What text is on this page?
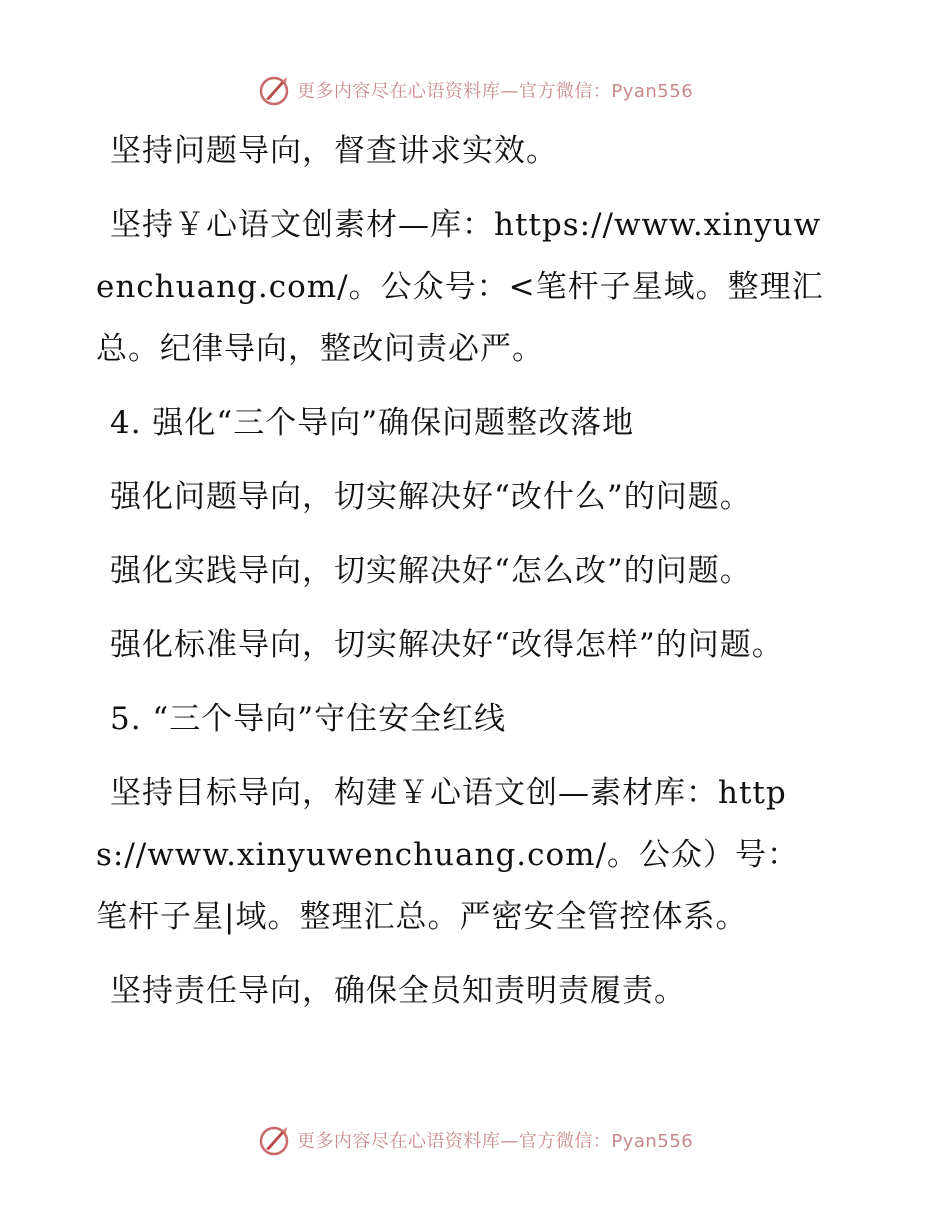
更多内容尽在心语资料库—官方微信：Pyan556

坚持问题导向，督查讲求实效。

坚持￥心语文创素材—库：https://www.xinyuwenchuang.com/。公众号：<笔杆子星域。整理汇总。纪律导向，整改问责必严。

4. 强化“三个导向”确保问题整改落地

强化问题导向，切实解决好“改什么”的问题。

强化实践导向，切实解决好“怎么改”的问题。

强化标准导向，切实解决好“改得怎样”的问题。

5. “三个导向”守住安全红线

坚持目标导向，构建￥心语文创—素材库：https://www.xinyuwenchuang.com/。公众）号：笔杆子星|域。整理汇总。严密安全管控体系。

坚持责任导向，确保全员知责明责履责。

更多内容尽在心语资料库—官方微信：Pyan556
